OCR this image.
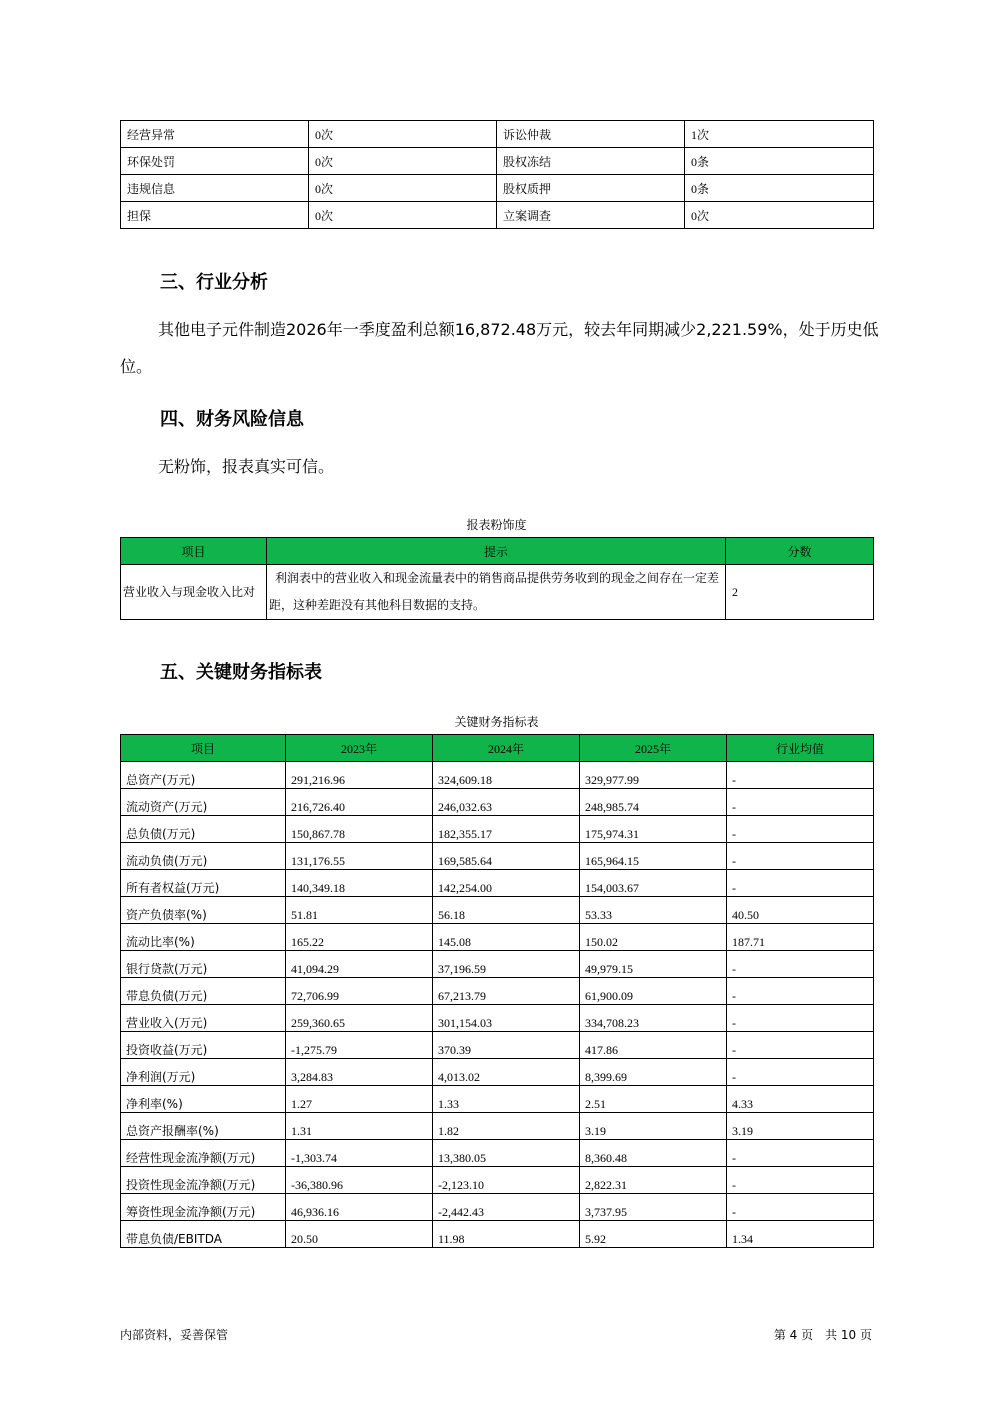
经营异常	0次	诉讼仲裁	1次
环保处罚	0次	股权冻结	0条
违规信息	0次	股权质押	0条
担保	0次	立案调查	0次
三、行业分析

其他电子元件制造2026年一季度盈利总额16,872.48万元，较去年同期减少2,221.59%，处于历史低位。

四、财务风险信息

无粉饰，报表真实可信。

报表粉饰度
项目	提示	分数
营业收入与现金收入比对	利润表中的营业收入和现金流量表中的销售商品提供劳务收到的现金之间存在一定差距，这种差距没有其他科目数据的支持。	2
五、关键财务指标表
关键财务指标表
项目	2023年	2024年	2025年	行业均值
总资产(万元)	291,216.96	324,609.18	329,977.99	-
流动资产(万元)	216,726.40	246,032.63	248,985.74	-
总负债(万元)	150,867.78	182,355.17	175,974.31	-
流动负债(万元)	131,176.55	169,585.64	165,964.15	-
所有者权益(万元)	140,349.18	142,254.00	154,003.67	-
资产负债率(%)	51.81	56.18	53.33	40.50
流动比率(%)	165.22	145.08	150.02	187.71
银行贷款(万元)	41,094.29	37,196.59	49,979.15	-
带息负债(万元)	72,706.99	67,213.79	61,900.09	-
营业收入(万元)	259,360.65	301,154.03	334,708.23	-
投资收益(万元)	-1,275.79	370.39	417.86	-
净利润(万元)	3,284.83	4,013.02	8,399.69	-
净利率(%)	1.27	1.33	2.51	4.33
总资产报酬率(%)	1.31	1.82	3.19	3.19
经营性现金流净额(万元)	-1,303.74	13,380.05	8,360.48	-
投资性现金流净额(万元)	-36,380.96	-2,123.10	2,822.31	-
筹资性现金流净额(万元)	46,936.16	-2,442.43	3,737.95	-
带息负债/EBITDA	20.50	11.98	5.92	1.34
内部资料，妥善保管	第 4 页　共 10 页
